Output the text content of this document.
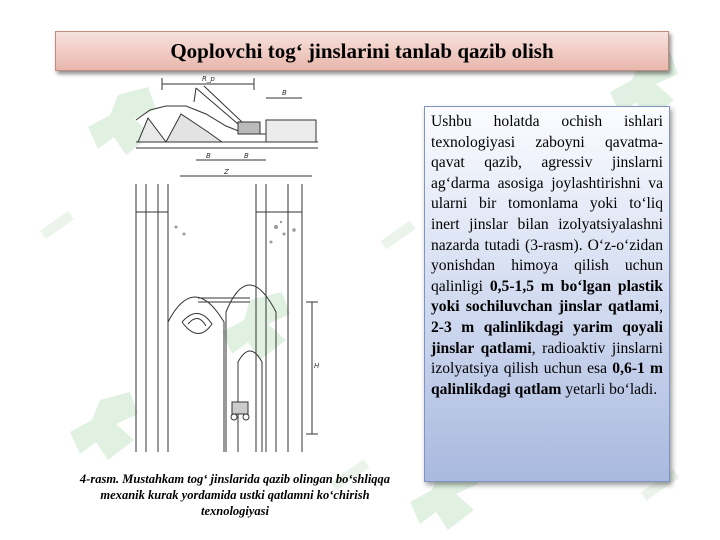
Qoplovchi tog‘ jinslarini tanlab qazib olish
R_p
B
B	B
Z
H
4-rasm. Mustahkam tog‘ jinslarida qazib olingan bo‘shliqqa mexanik kurak yordamida ustki qatlamni ko‘chirish texnologiyasi
Ushbu holatda ochish ishlari texnologiyasi zaboyni qavatma-qavat qazib, agressiv jinslarni ag‘darma asosiga joylashtirishni va ularni bir tomonlama yoki to‘liq inert jinslar bilan izolyatsiyalashni nazarda tutadi (3-rasm). O‘z-o‘zidan yonishdan himoya qilish uchun qalinligi 0,5-1,5 m bo‘lgan plastik yoki sochiluvchan jinslar qatlami, 2-3 m qalinlikdagi yarim qoyali jinslar qatlami, radioaktiv jinslarni izolyatsiya qilish uchun esa 0,6-1 m qalinlikdagi qatlam yetarli bo‘ladi.
